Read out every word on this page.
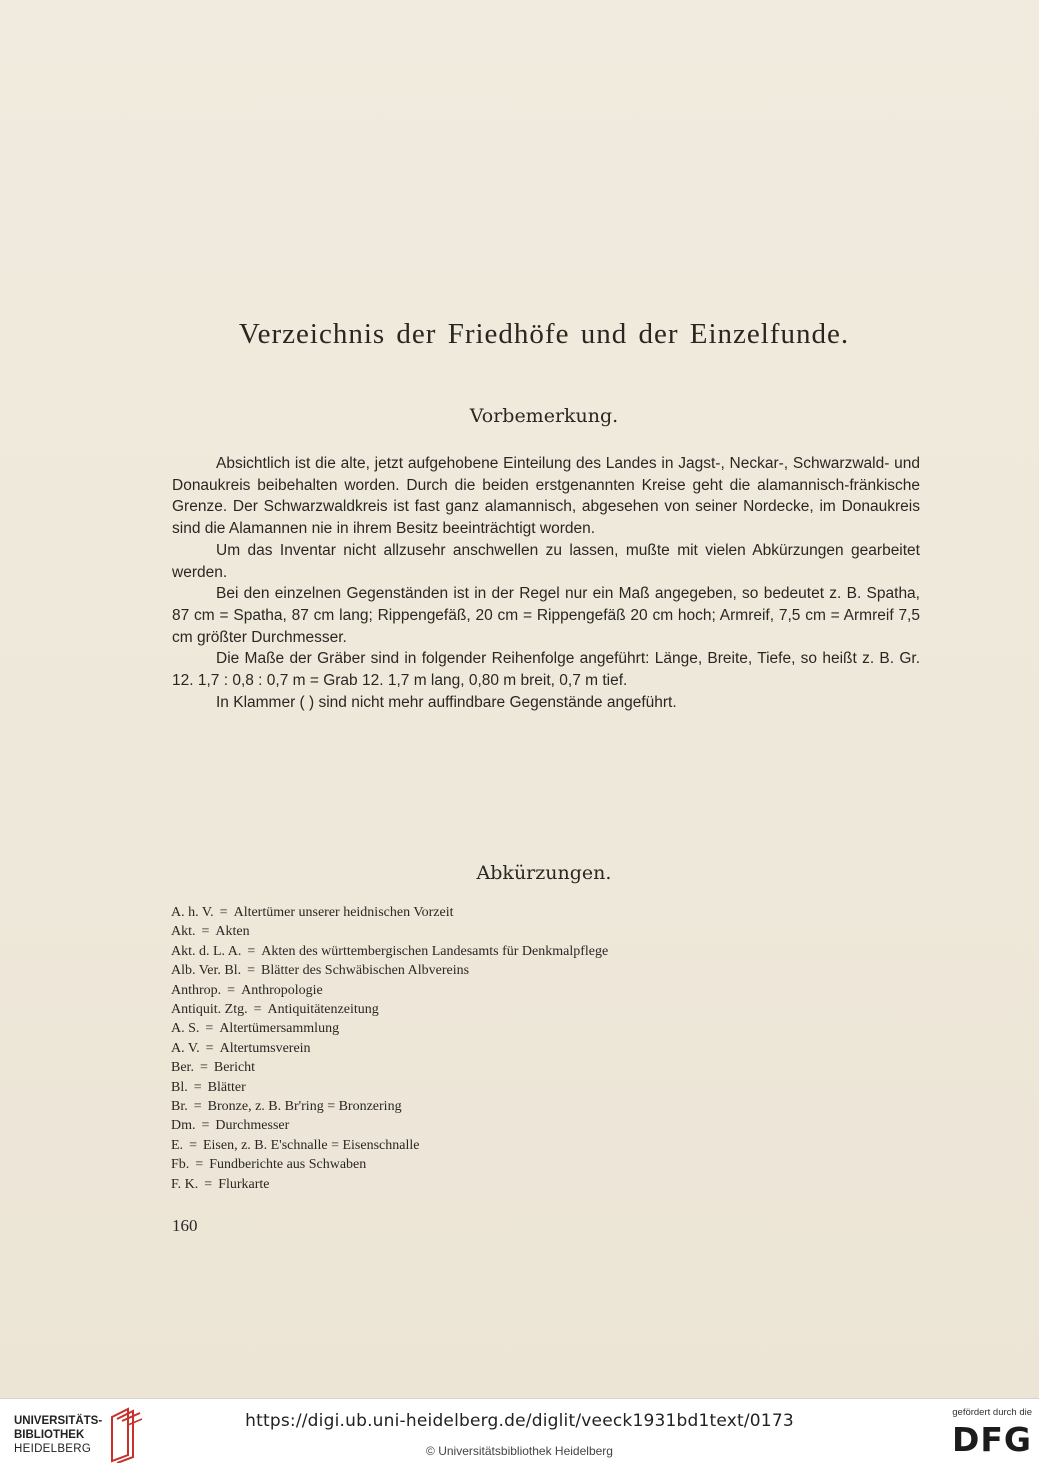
Verzeichnis der Friedhöfe und der Einzelfunde.
Vorbemerkung.

Absichtlich ist die alte, jetzt aufgehobene Einteilung des Landes in Jagst-, Neckar-, Schwarzwald- und Donaukreis beibehalten worden. Durch die beiden erstgenannten Kreise geht die alamannisch-fränkische Grenze. Der Schwarzwaldkreis ist fast ganz alamannisch, abgesehen von seiner Nordecke, im Donaukreis sind die Alamannen nie in ihrem Besitz beeinträchtigt worden.

Um das Inventar nicht allzusehr anschwellen zu lassen, mußte mit vielen Abkürzungen gearbeitet werden.

Bei den einzelnen Gegenständen ist in der Regel nur ein Maß angegeben, so bedeutet z. B. Spatha, 87 cm = Spatha, 87 cm lang; Rippengefäß, 20 cm = Rippengefäß 20 cm hoch; Armreif, 7,5 cm = Armreif 7,5 cm größter Durchmesser.

Die Maße der Gräber sind in folgender Reihenfolge angeführt: Länge, Breite, Tiefe, so heißt z. B. Gr. 12. 1,7 : 0,8 : 0,7 m = Grab 12. 1,7 m lang, 0,80 m breit, 0,7 m tief.

In Klammer ( ) sind nicht mehr auffindbare Gegenstände angeführt.

Abkürzungen.
A. h. V. = Altertümer unserer heidnischen Vorzeit
Akt. = Akten
Akt. d. L. A. = Akten des württembergischen Landesamts für Denkmalpflege
Alb. Ver. Bl. = Blätter des Schwäbischen Albvereins
Anthrop. = Anthropologie
Antiquit. Ztg. = Antiquitätenzeitung
A. S. = Altertümersammlung
A. V. = Altertumsverein
Ber. = Bericht
Bl. = Blätter
Br. = Bronze, z. B. Br'ring = Bronzering
Dm. = Durchmesser
E. = Eisen, z. B. E'schnalle = Eisenschnalle
Fb. = Fundberichte aus Schwaben
F. K. = Flurkarte
160
UNIVERSITÄTS-
BIBLIOTHEK
HEIDELBERG
https://digi.ub.uni-heidelberg.de/diglit/veeck1931bd1text/0173
© Universitätsbibliothek Heidelberg
gefördert durch die
DFG
